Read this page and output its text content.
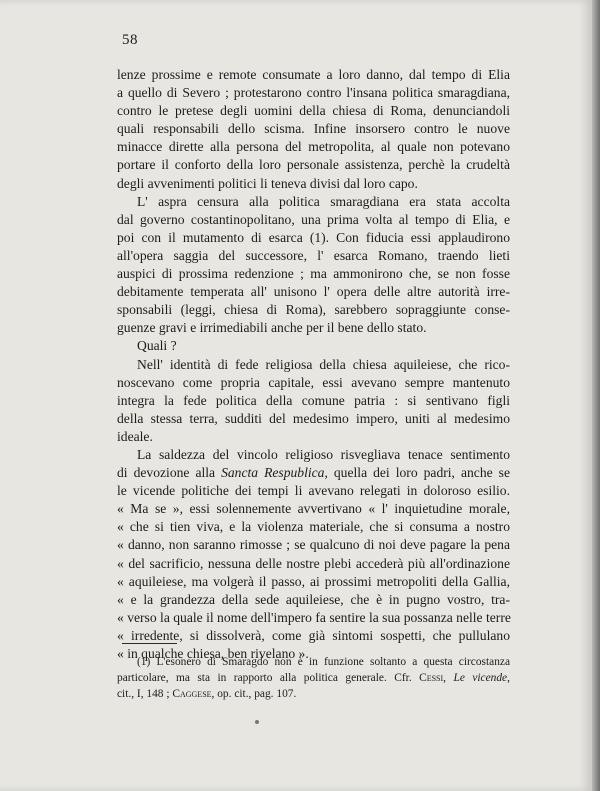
58
lenze prossime e remote consumate a loro danno, dal tempo di Elia
a quello di Severo ; protestarono contro l'insana politica smaragdiana,
contro le pretese degli uomini della chiesa di Roma, denunciandoli
quali responsabili dello scisma. Infine insorsero contro le nuove
minacce dirette alla persona del metropolita, al quale non potevano
portare il conforto della loro personale assistenza, perchè la crudeltà
degli avvenimenti politici li teneva divisi dal loro capo.
L' aspra censura alla politica smaragdiana era stata accolta
dal governo costantinopolitano, una prima volta al tempo di Elia, e
poi con il mutamento di esarca (1). Con fiducia essi applaudirono
all'opera saggia del successore, l' esarca Romano, traendo lieti
auspici di prossima redenzione ; ma ammonirono che, se non fosse
debitamente temperata all' unisono l' opera delle altre autorità irre-
sponsabili (leggi, chiesa di Roma), sarebbero sopraggiunte conse-
guenze gravi e irrimediabili anche per il bene dello stato.
Quali ?
Nell' identità di fede religiosa della chiesa aquileiese, che rico-
noscevano come propria capitale, essi avevano sempre mantenuto
integra la fede politica della comune patria : si sentivano figli
della stessa terra, sudditi del medesimo impero, uniti al medesimo
ideale.
La saldezza del vincolo religioso risvegliava tenace sentimento
di devozione alla Sancta Respublica, quella dei loro padri, anche se
le vicende politiche dei tempi li avevano relegati in doloroso esilio.
« Ma se », essi solennemente avvertivano « l' inquietudine morale,
« che si tien viva, e la violenza materiale, che si consuma a nostro
« danno, non saranno rimosse ; se qualcuno di noi deve pagare la pena
« del sacrificio, nessuna delle nostre plebi accederà più all'ordinazione
« aquileiese, ma volgerà il passo, ai prossimi metropoliti della Gallia,
« e la grandezza della sede aquileiese, che è in pugno vostro, tra-
« verso la quale il nome dell'impero fa sentire la sua possanza nelle terre
« irredente, si dissolverà, come già sintomi sospetti, che pullulano
« in qualche chiesa, ben rivelano ».
(1) L'esonero di Smaragdo non è in funzione soltanto a questa circostanza
particolare, ma sta in rapporto alla politica generale. Cfr. Cessi, Le vicende,
cit., I, 148 ; Caggese, op. cit., pag. 107.
